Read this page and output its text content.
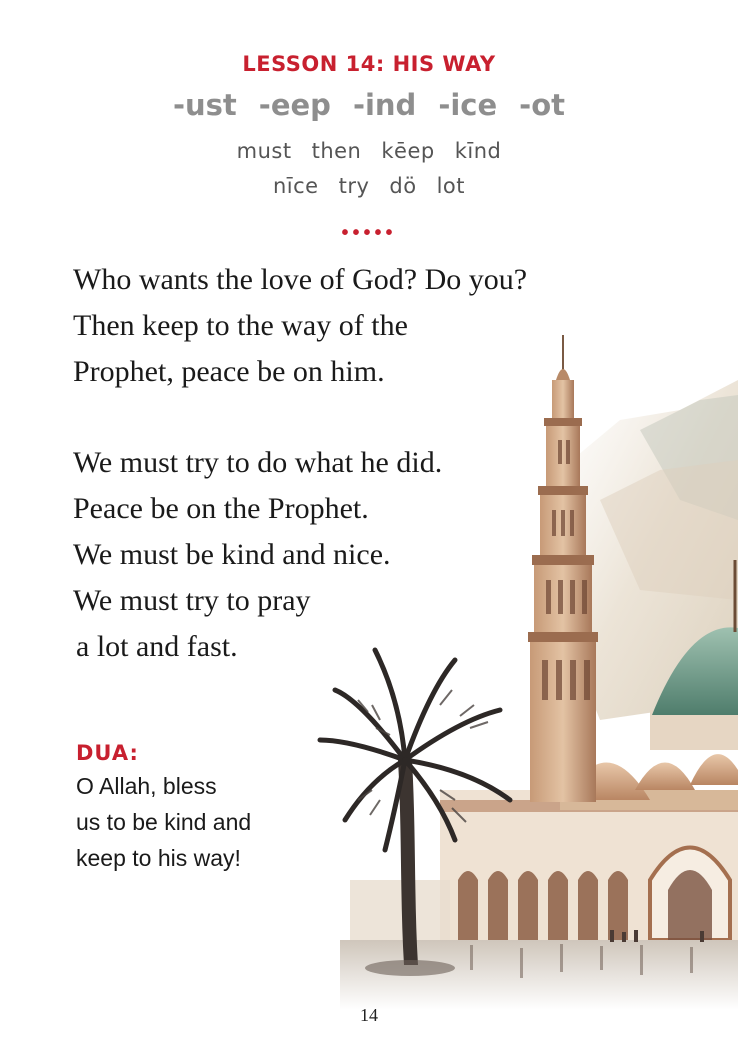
LESSON 14: HIS WAY
-ust -eep -ind -ice -ot
must then kēep kīnd
nīce try dö lot
•••••
Who wants the love of God? Do you?
Then keep to the way of the
Prophet, peace be on him.
We must try to do what he did.
Peace be on the Prophet.
We must be kind and nice.
We must try to pray
a lot and fast.
DUA:
O Allah, bless
us to be kind and
keep to his way!
14
